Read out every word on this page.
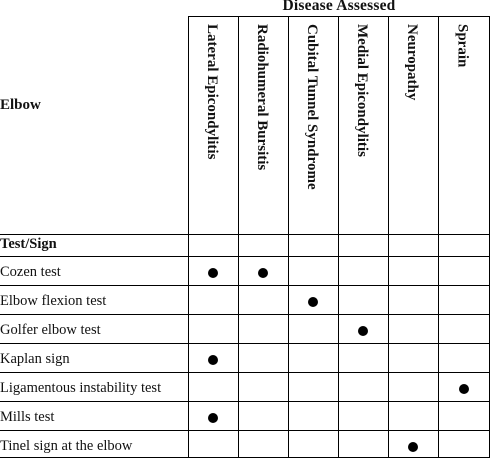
Disease Assessed
Elbow
Test/Sign
Lateral Epicondylitis Radiohumeral Bursitis Cubital Tunnel Syndrome Medial Epicondylitis Neuropathy Sprain
Cozen test
Elbow flexion test
Golfer elbow test
Kaplan sign
Ligamentous instability test
Mills test
Tinel sign at the elbow
